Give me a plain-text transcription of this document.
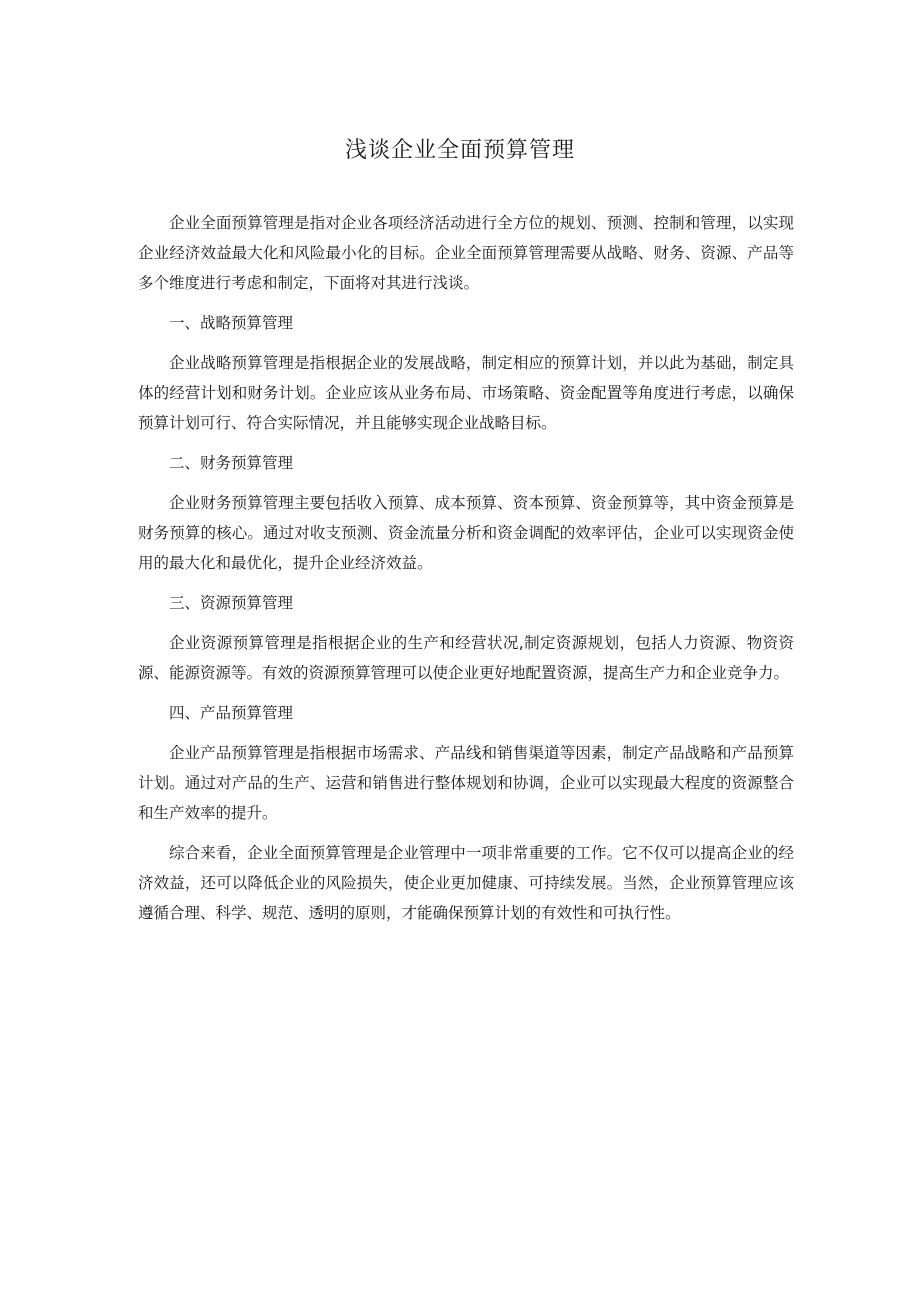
浅谈企业全面预算管理

企业全面预算管理是指对企业各项经济活动进行全方位的规划、预测、控制和管理，以实现企业经济效益最大化和风险最小化的目标。企业全面预算管理需要从战略、财务、资源、产品等多个维度进行考虑和制定，下面将对其进行浅谈。

一、战略预算管理

企业战略预算管理是指根据企业的发展战略，制定相应的预算计划，并以此为基础，制定具体的经营计划和财务计划。企业应该从业务布局、市场策略、资金配置等角度进行考虑，以确保预算计划可行、符合实际情况，并且能够实现企业战略目标。

二、财务预算管理

企业财务预算管理主要包括收入预算、成本预算、资本预算、资金预算等，其中资金预算是财务预算的核心。通过对收支预测、资金流量分析和资金调配的效率评估，企业可以实现资金使用的最大化和最优化，提升企业经济效益。

三、资源预算管理

企业资源预算管理是指根据企业的生产和经营状况,制定资源规划，包括人力资源、物资资源、能源资源等。有效的资源预算管理可以使企业更好地配置资源，提高生产力和企业竞争力。

四、产品预算管理

企业产品预算管理是指根据市场需求、产品线和销售渠道等因素，制定产品战略和产品预算计划。通过对产品的生产、运营和销售进行整体规划和协调，企业可以实现最大程度的资源整合和生产效率的提升。

综合来看，企业全面预算管理是企业管理中一项非常重要的工作。它不仅可以提高企业的经济效益，还可以降低企业的风险损失，使企业更加健康、可持续发展。当然，企业预算管理应该遵循合理、科学、规范、透明的原则，才能确保预算计划的有效性和可执行性。
